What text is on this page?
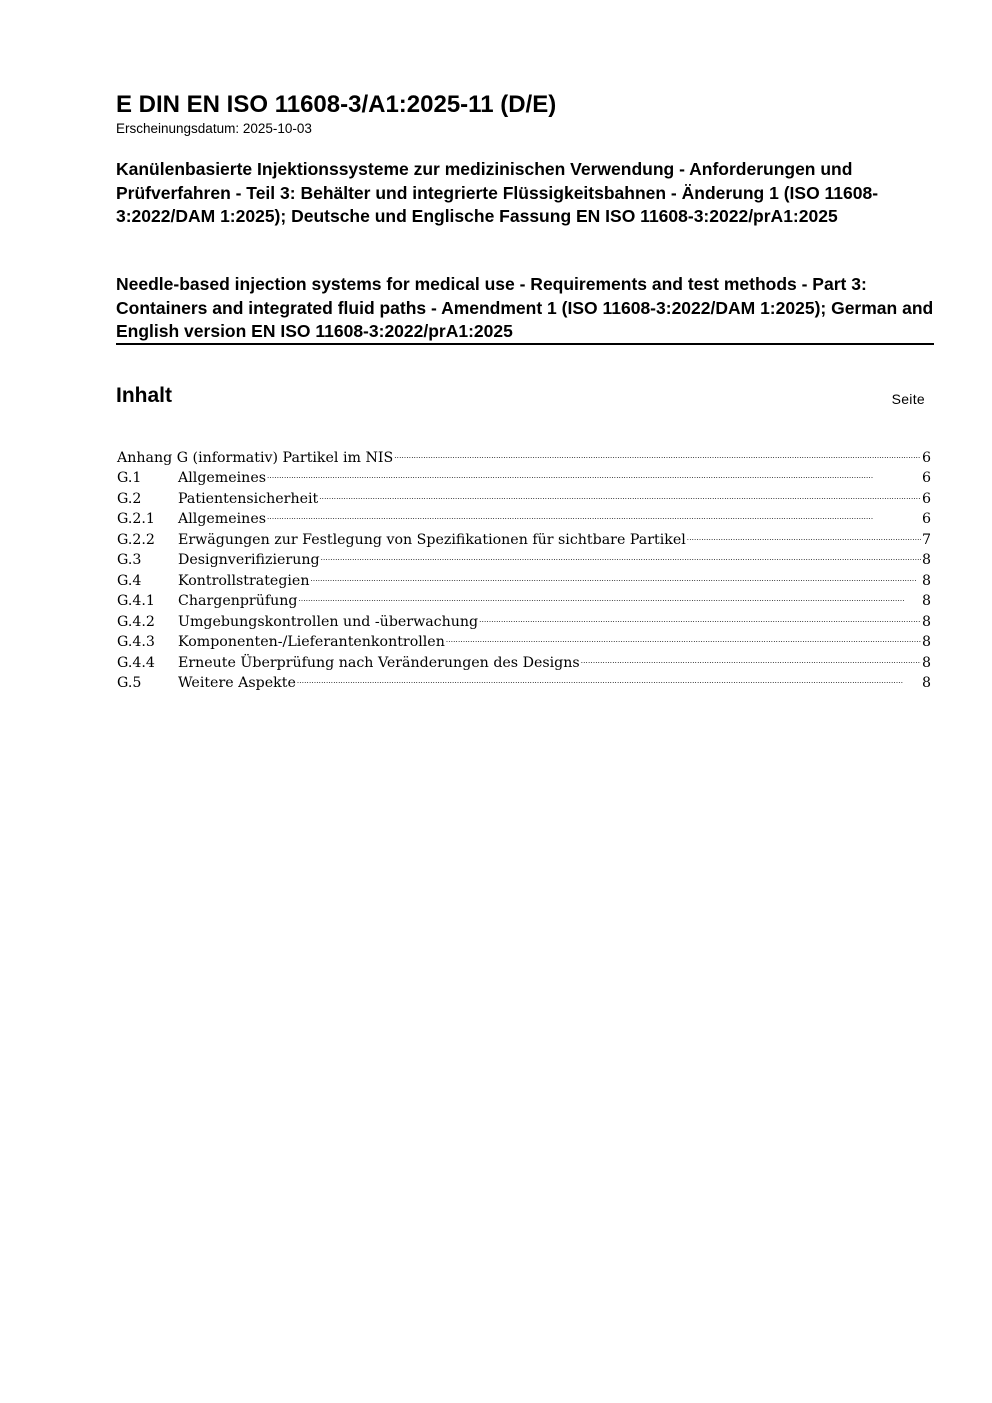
E DIN EN ISO 11608-3/A1:2025-11 (D/E)

Erscheinungsdatum: 2025-10-03

Kanülenbasierte Injektionssysteme zur medizinischen Verwendung - Anforderungen und Prüfverfahren - Teil 3: Behälter und integrierte Flüssigkeitsbahnen - Änderung 1 (ISO 11608-3:2022/DAM 1:2025); Deutsche und Englische Fassung EN ISO 11608-3:2022/prA1:2025

Needle-based injection systems for medical use - Requirements and test methods - Part 3: Containers and integrated fluid paths - Amendment 1 (ISO 11608-3:2022/DAM 1:2025); German and English version EN ISO 11608-3:2022/prA1:2025

Inhalt	Seite
Anhang G (informativ) Partikel im NIS .....	6
G.1	Allgemeines .....	6
G.2	Patientensicherheit .....	6
G.2.1	Allgemeines .....	6
G.2.2	Erwägungen zur Festlegung von Spezifikationen für sichtbare Partikel .....	7
G.3	Designverifizierung .....	8
G.4	Kontrollstrategien .....	8
G.4.1	Chargenprüfung .....	8
G.4.2	Umgebungskontrollen und -überwachung .....	8
G.4.3	Komponenten-/Lieferantenkontrollen .....	8
G.4.4	Erneute Überprüfung nach Veränderungen des Designs .....	8
G.5	Weitere Aspekte .....	8
